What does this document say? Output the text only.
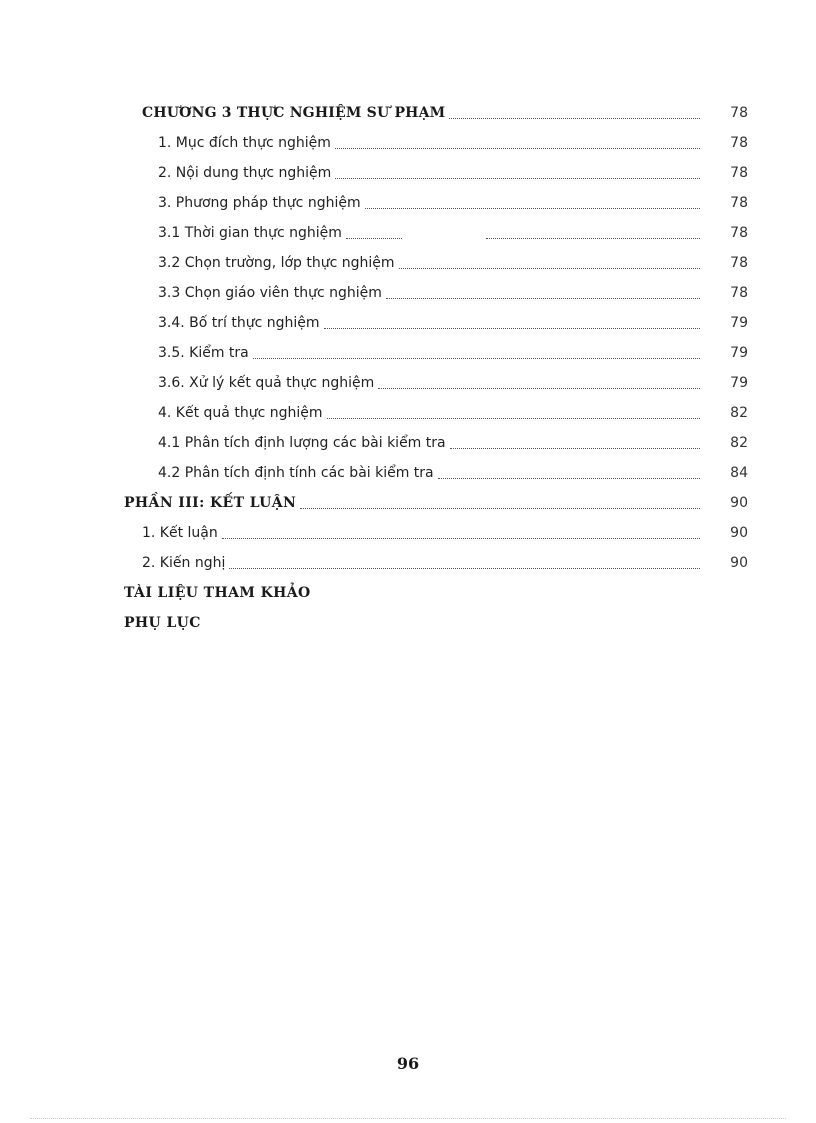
CHƯƠNG 3 THỰC NGHIỆM SƯ PHẠM	78
1. Mục đích thực nghiệm	78
2. Nội dung thực nghiệm	78
3. Phương pháp thực nghiệm	78
3.1 Thời gian thực nghiệm	78
3.2 Chọn trường, lớp thực nghiệm	78
3.3 Chọn giáo viên thực nghiệm	78
3.4. Bố trí thực nghiệm	79
3.5. Kiểm tra	79
3.6. Xử lý kết quả thực nghiệm	79
4. Kết quả thực nghiệm	82
4.1 Phân tích định lượng các bài kiểm tra	82
4.2 Phân tích định tính các bài kiểm tra	84
PHẦN III: KẾT LUẬN	90
1. Kết luận	90
2. Kiến nghị	90
TÀI LIỆU THAM KHẢO
PHỤ LỤC
96
